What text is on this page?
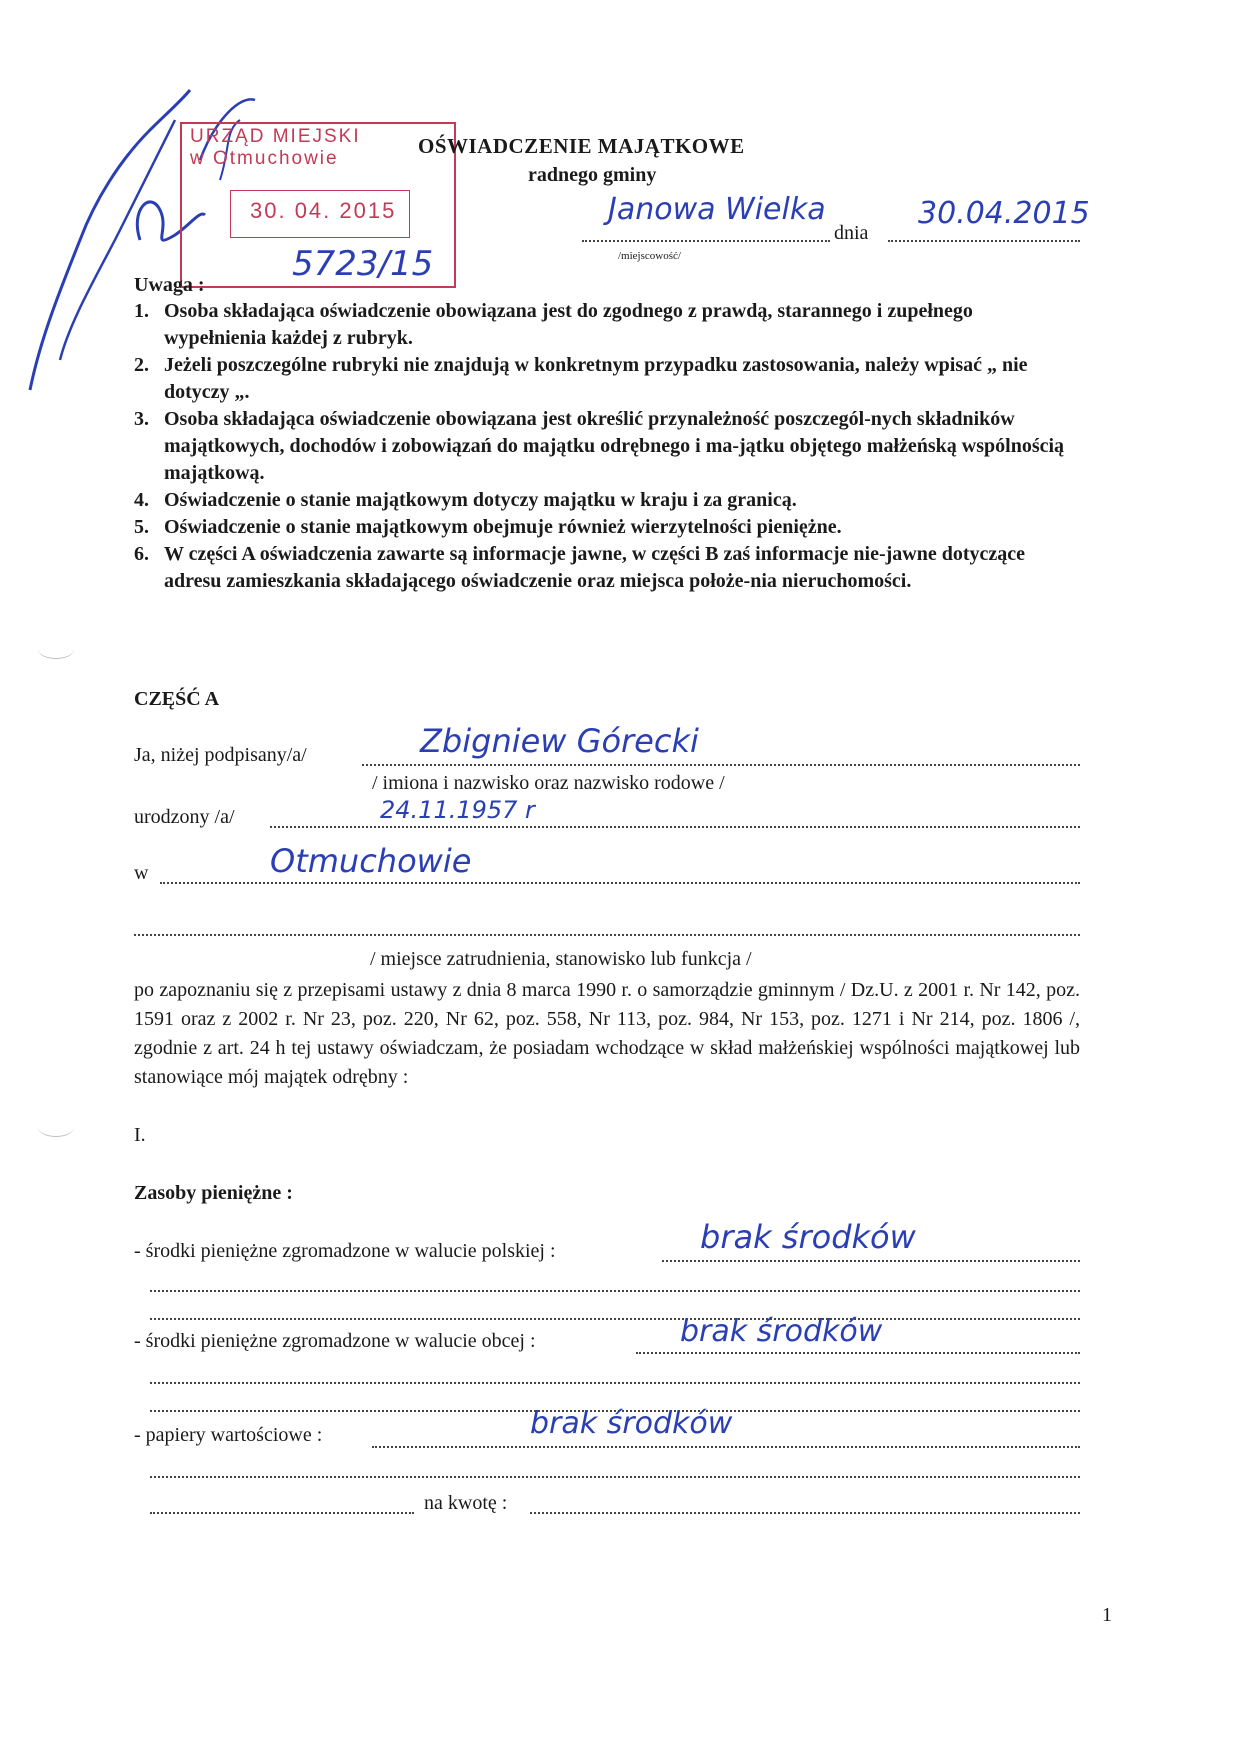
URZĄD MIEJSKI
w Otmuchowie
30. 04. 2015
5723/15
OŚWIADCZENIE MAJĄTKOWE
radnego gminy
Janowa Wielka
dnia
30.04.2015
/miejscowość/
Uwaga :
1. Osoba składająca oświadczenie obowiązana jest do zgodnego z prawdą, starannego i zupełnego wypełnienia każdej z rubryk.
2. Jeżeli poszczególne rubryki nie znajdują w konkretnym przypadku zastosowania, należy wpisać „ nie dotyczy „.
3. Osoba składająca oświadczenie obowiązana jest określić przynależność poszczegól-nych składników majątkowych, dochodów i zobowiązań do majątku odrębnego i ma-jątku objętego małżeńską wspólnością majątkową.
4. Oświadczenie o stanie majątkowym dotyczy majątku w kraju i za granicą.
5. Oświadczenie o stanie majątkowym obejmuje również wierzytelności pieniężne.
6. W części A oświadczenia zawarte są informacje jawne, w części B zaś informacje nie-jawne dotyczące adresu zamieszkania składającego oświadczenie oraz miejsca położe-nia nieruchomości.
CZĘŚĆ A
Ja, niżej podpisany/a/	Zbigniew Górecki
/ imiona i nazwisko oraz nazwisko rodowe /
urodzony /a/	24.11.1957 r
w	Otmuchowie
/ miejsce zatrudnienia, stanowisko lub funkcja /
po zapoznaniu się z przepisami ustawy z dnia 8 marca 1990 r. o samorządzie gminnym / Dz.U. z 2001 r. Nr 142, poz. 1591 oraz z 2002 r. Nr 23, poz. 220, Nr 62, poz. 558, Nr 113, poz. 984, Nr 153, poz. 1271 i Nr 214, poz. 1806 /, zgodnie z art. 24 h tej ustawy oświadczam, że posiadam wchodzące w skład małżeńskiej wspólności majątkowej lub stanowiące mój majątek odrębny :
I.
Zasoby pieniężne :
- środki pieniężne zgromadzone w walucie polskiej :	brak środków
- środki pieniężne zgromadzone w walucie obcej :	brak środków
- papiery wartościowe :	brak środków
na kwotę :
1
